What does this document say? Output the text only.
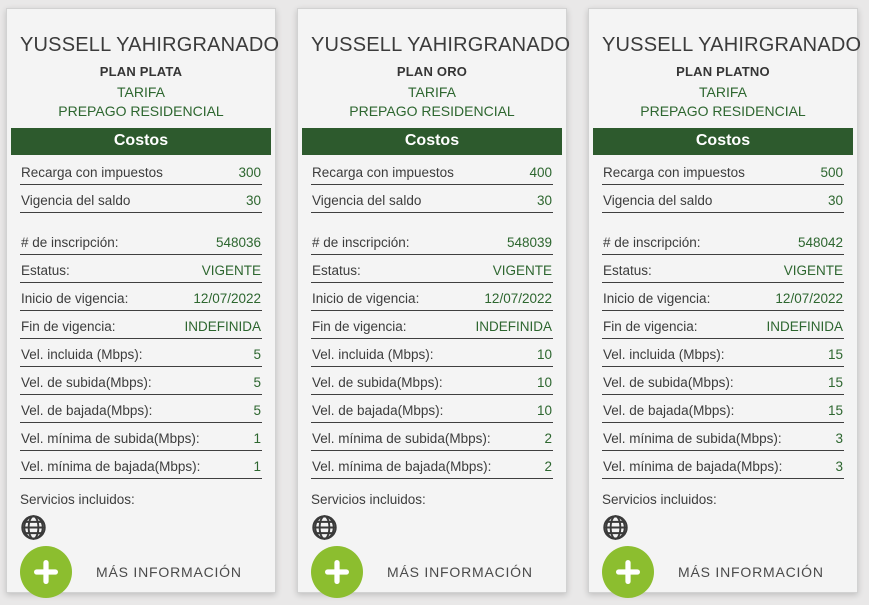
YUSSELL YAHIRGRANADO
PLAN PLATA
TARIFA
PREPAGO RESIDENCIAL
Costos
Recarga con impuestos	300
Vigencia del saldo	30
# de inscripción:	548036
Estatus:	VIGENTE
Inicio de vigencia:	12/07/2022
Fin de vigencia:	INDEFINIDA
Vel. incluida (Mbps):	5
Vel. de subida(Mbps):	5
Vel. de bajada(Mbps):	5
Vel. mínima de subida(Mbps):	1
Vel. mínima de bajada(Mbps):	1
Servicios incluidos:
MÁS INFORMACIÓN
YUSSELL YAHIRGRANADO
PLAN ORO
TARIFA
PREPAGO RESIDENCIAL
Costos
Recarga con impuestos	400
Vigencia del saldo	30
# de inscripción:	548039
Estatus:	VIGENTE
Inicio de vigencia:	12/07/2022
Fin de vigencia:	INDEFINIDA
Vel. incluida (Mbps):	10
Vel. de subida(Mbps):	10
Vel. de bajada(Mbps):	10
Vel. mínima de subida(Mbps):	2
Vel. mínima de bajada(Mbps):	2
Servicios incluidos:
MÁS INFORMACIÓN
YUSSELL YAHIRGRANADO
PLAN PLATNO
TARIFA
PREPAGO RESIDENCIAL
Costos
Recarga con impuestos	500
Vigencia del saldo	30
# de inscripción:	548042
Estatus:	VIGENTE
Inicio de vigencia:	12/07/2022
Fin de vigencia:	INDEFINIDA
Vel. incluida (Mbps):	15
Vel. de subida(Mbps):	15
Vel. de bajada(Mbps):	15
Vel. mínima de subida(Mbps):	3
Vel. mínima de bajada(Mbps):	3
Servicios incluidos:
MÁS INFORMACIÓN
